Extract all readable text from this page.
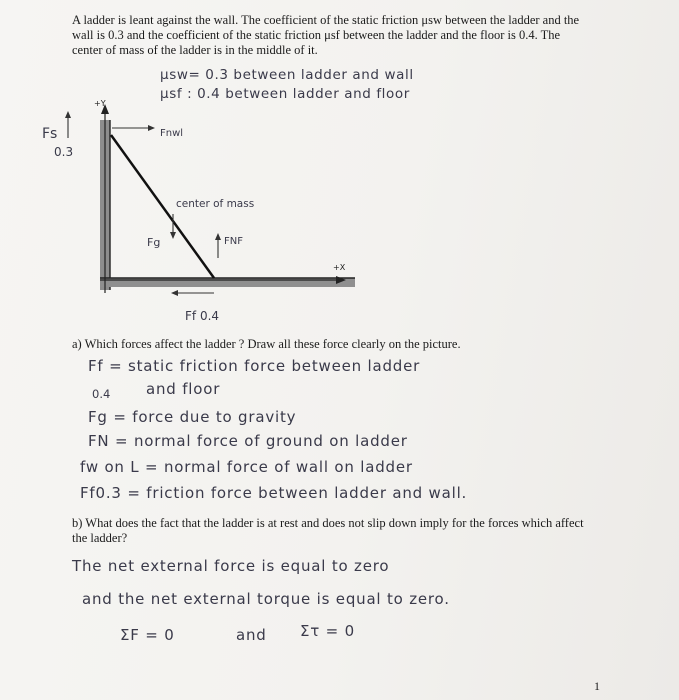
A ladder is leant against the wall. The coefficient of the static friction μsw between the ladder and the wall is 0.3 and the coefficient of the static friction μsf between the ladder and the floor is 0.4. The center of mass of the ladder is in the middle of it.
μsw= 0.3 between ladder and wall
μsf : 0.4 between ladder and floor
+Y
+X
Fs
0.3
Fnwl
center of mass
Fg	FNF
Ff 0.4
a) Which forces affect the ladder ? Draw all these force clearly on the picture.
Ff = static friction force between ladder
0.4 and floor
Fg = force due to gravity
FN = normal force of ground on ladder
fw on L = normal force of wall on ladder
Ff0.3 = friction force between ladder and wall.
b) What does the fact that the ladder is at rest and does not slip down imply for the forces which affect the ladder?
The net external force is equal to zero
and the net external torque is equal to zero.
ΣF = 0	and Στ = 0
1
